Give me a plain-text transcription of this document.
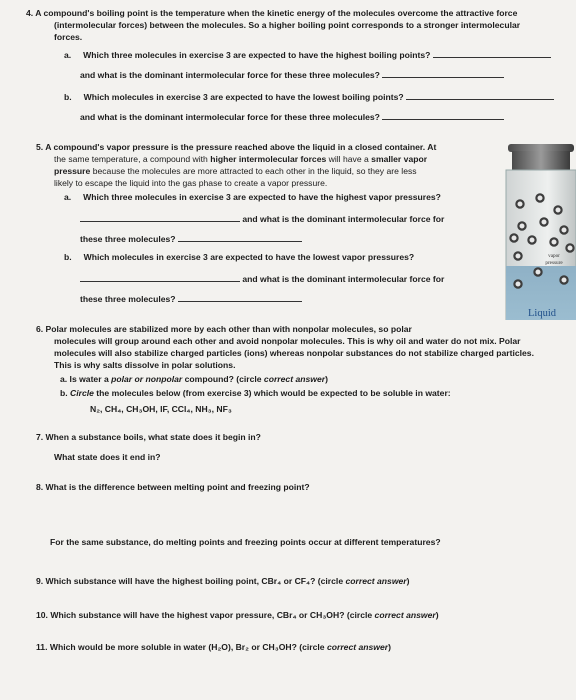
4. A compound's boiling point is the temperature when the kinetic energy of the molecules overcome the attractive force
(intermolecular forces) between the molecules. So a higher boiling point corresponds to a stronger intermolecular
forces.
a. Which three molecules in exercise 3 are expected to have the highest boiling points?
and what is the dominant intermolecular force for these three molecules?
b. Which molecules in exercise 3 are expected to have the lowest boiling points?
and what is the dominant intermolecular force for these three molecules?
5. A compound's vapor pressure is the pressure reached above the liquid in a closed container. At
the same temperature, a compound with higher intermolecular forces will have a smaller vapor
pressure because the molecules are more attracted to each other in the liquid, so they are less
likely to escape the liquid into the gas phase to create a vapor pressure.
a. Which three molecules in exercise 3 are expected to have the highest vapor pressures?
and what is the dominant intermolecular force for
these three molecules?
b. Which molecules in exercise 3 are expected to have the lowest vapor pressures?
and what is the dominant intermolecular force for
these three molecules?
vapor
pressure
Liquid
6. Polar molecules are stabilized more by each other than with nonpolar molecules, so polar
molecules will group around each other and avoid nonpolar molecules. This is why oil and water do not mix. Polar
molecules will also stabilize charged particles (ions) whereas nonpolar substances do not stabilize charged particles.
This is why salts dissolve in polar solutions.
a. Is water a polar or nonpolar compound? (circle correct answer)
b. Circle the molecules below (from exercise 3) which would be expected to be soluble in water:
N₂, CH₄, CH₃OH, IF, CCl₄, NH₃, NF₃
7. When a substance boils, what state does it begin in?
What state does it end in?
8. What is the difference between melting point and freezing point?
For the same substance, do melting points and freezing points occur at different temperatures?
9. Which substance will have the highest boiling point, CBr₄ or CF₄? (circle correct answer)
10. Which substance will have the highest vapor pressure, CBr₄ or CH₃OH? (circle correct answer)
11. Which would be more soluble in water (H₂O), Br₂ or CH₃OH? (circle correct answer)
